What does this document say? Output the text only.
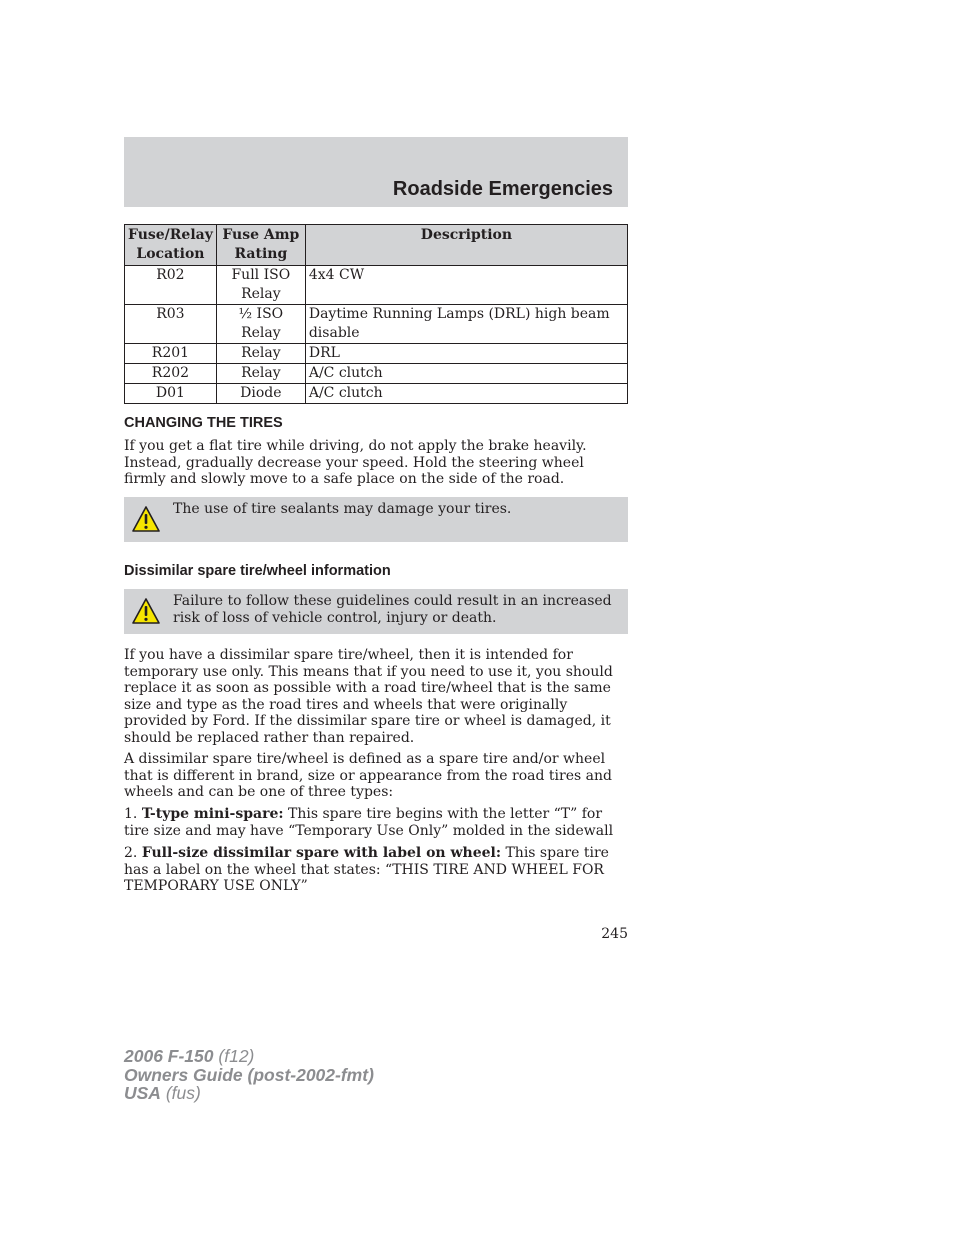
Roadside Emergencies
Fuse/Relay Location	Fuse Amp Rating	Description
R02	Full ISO Relay	4x4 CW
R03	½ ISO Relay	Daytime Running Lamps (DRL) high beam disable
R201	Relay	DRL
R202	Relay	A/C clutch
D01	Diode	A/C clutch
CHANGING THE TIRES

If you get a flat tire while driving, do not apply the brake heavily. Instead, gradually decrease your speed. Hold the steering wheel firmly and slowly move to a safe place on the side of the road.

The use of tire sealants may damage your tires.
Dissimilar spare tire/wheel information
Failure to follow these guidelines could result in an increased risk of loss of vehicle control, injury or death.

If you have a dissimilar spare tire/wheel, then it is intended for temporary use only. This means that if you need to use it, you should replace it as soon as possible with a road tire/wheel that is the same size and type as the road tires and wheels that were originally provided by Ford. If the dissimilar spare tire or wheel is damaged, it should be replaced rather than repaired.

A dissimilar spare tire/wheel is defined as a spare tire and/or wheel that is different in brand, size or appearance from the road tires and wheels and can be one of three types:

1. T-type mini-spare: This spare tire begins with the letter “T” for tire size and may have “Temporary Use Only” molded in the sidewall

2. Full-size dissimilar spare with label on wheel: This spare tire has a label on the wheel that states: “THIS TIRE AND WHEEL FOR TEMPORARY USE ONLY”

245
2006 F-150 (f12)
Owners Guide (post-2002-fmt)
USA (fus)
